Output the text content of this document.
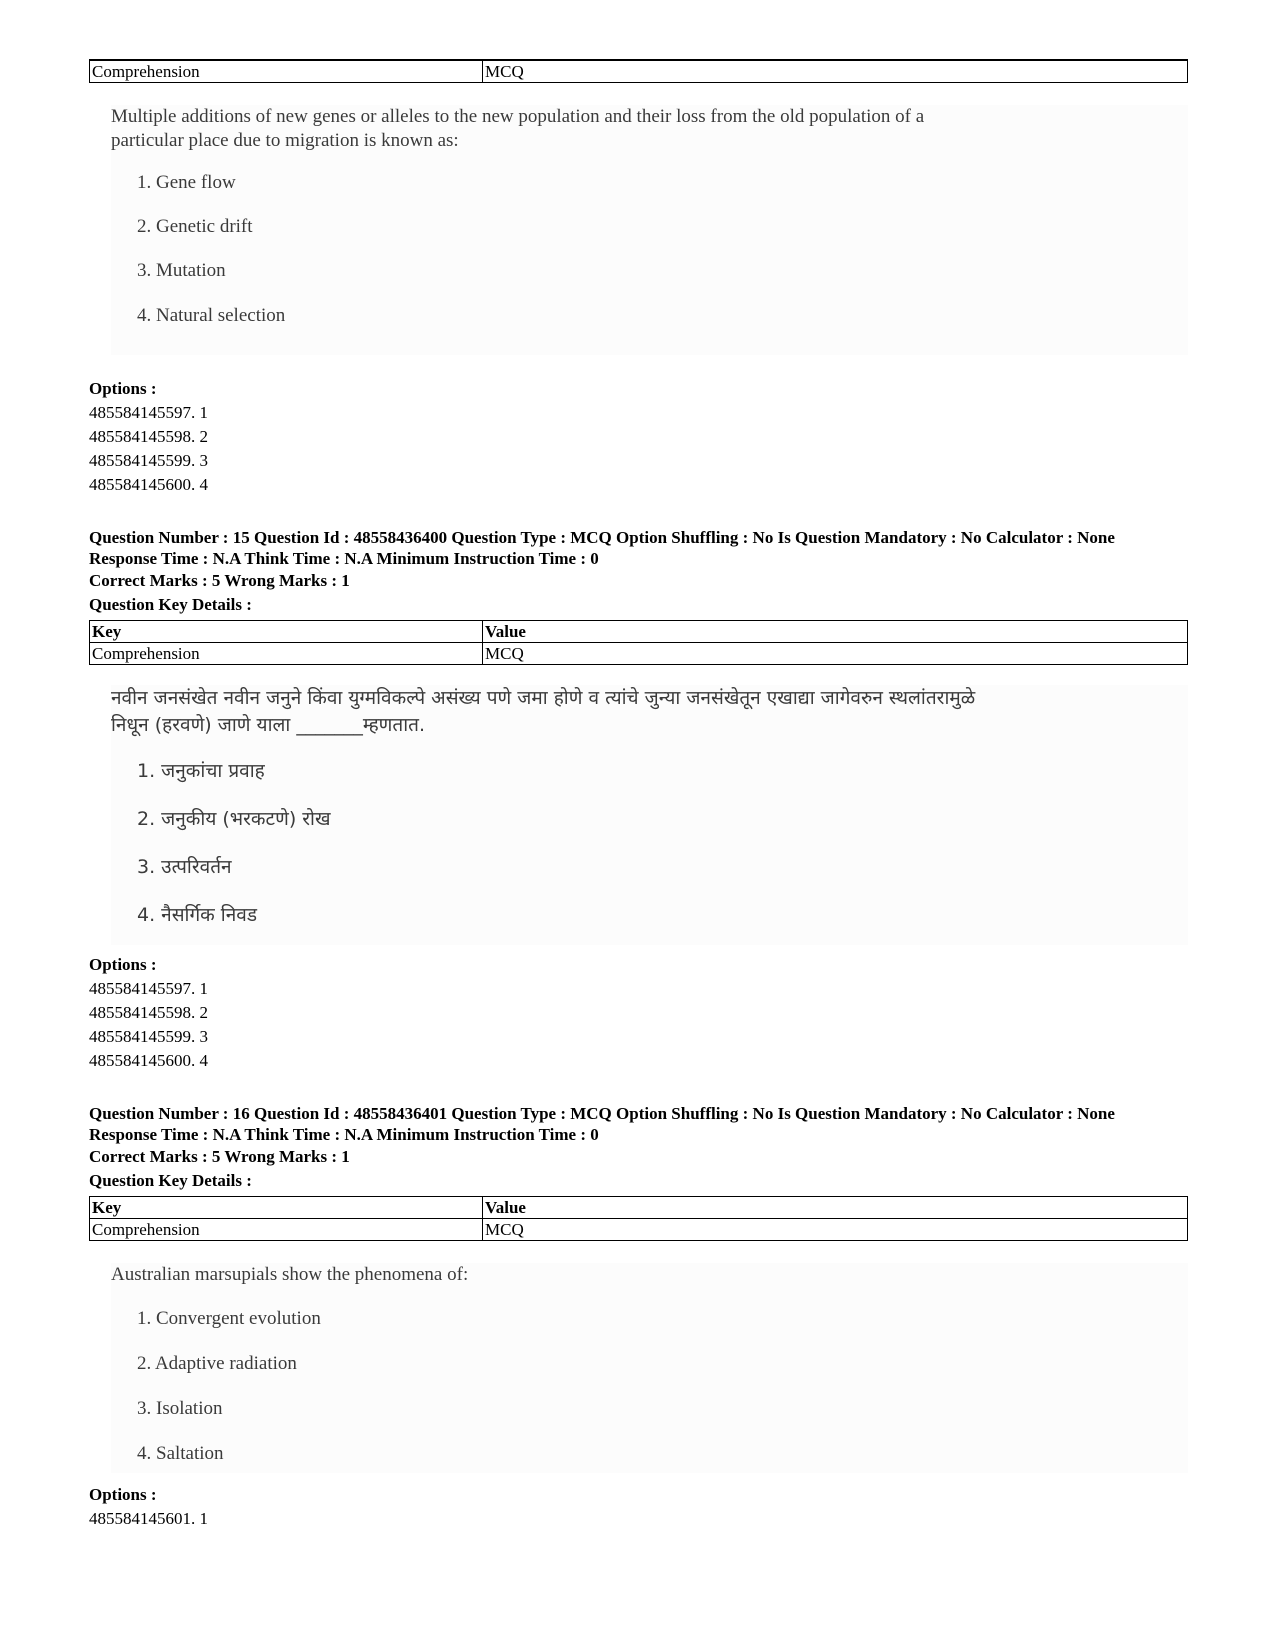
Comprehension	MCQ
Multiple additions of new genes or alleles to the new population and their loss from the old population of a particular place due to migration is known as:
1. Gene flow
2. Genetic drift
3. Mutation
4. Natural selection
Options :
485584145597. 1
485584145598. 2
485584145599. 3
485584145600. 4
Question Number : 15 Question Id : 48558436400 Question Type : MCQ Option Shuffling : No Is Question Mandatory : No Calculator : None
Response Time : N.A Think Time : N.A Minimum Instruction Time : 0
Correct Marks : 5 Wrong Marks : 1
Question Key Details :
Key	Value
Comprehension	MCQ
नवीन जनसंखेत नवीन जनुने किंवा युग्मविकल्पे असंख्य पणे जमा होणे व त्यांचे जुन्या जनसंखेतून एखाद्या जागेवरुन स्थलांतरामुळे निधून (हरवणे) जाणे याला _______म्हणतात.
1. जनुकांचा प्रवाह
2. जनुकीय (भरकटणे) रोख
3. उत्परिवर्तन
4. नैसर्गिक निवड
Options :
485584145597. 1
485584145598. 2
485584145599. 3
485584145600. 4
Question Number : 16 Question Id : 48558436401 Question Type : MCQ Option Shuffling : No Is Question Mandatory : No Calculator : None
Response Time : N.A Think Time : N.A Minimum Instruction Time : 0
Correct Marks : 5 Wrong Marks : 1
Question Key Details :
Key	Value
Comprehension	MCQ
Australian marsupials show the phenomena of:
1. Convergent evolution
2. Adaptive radiation
3. Isolation
4. Saltation
Options :
485584145601. 1
